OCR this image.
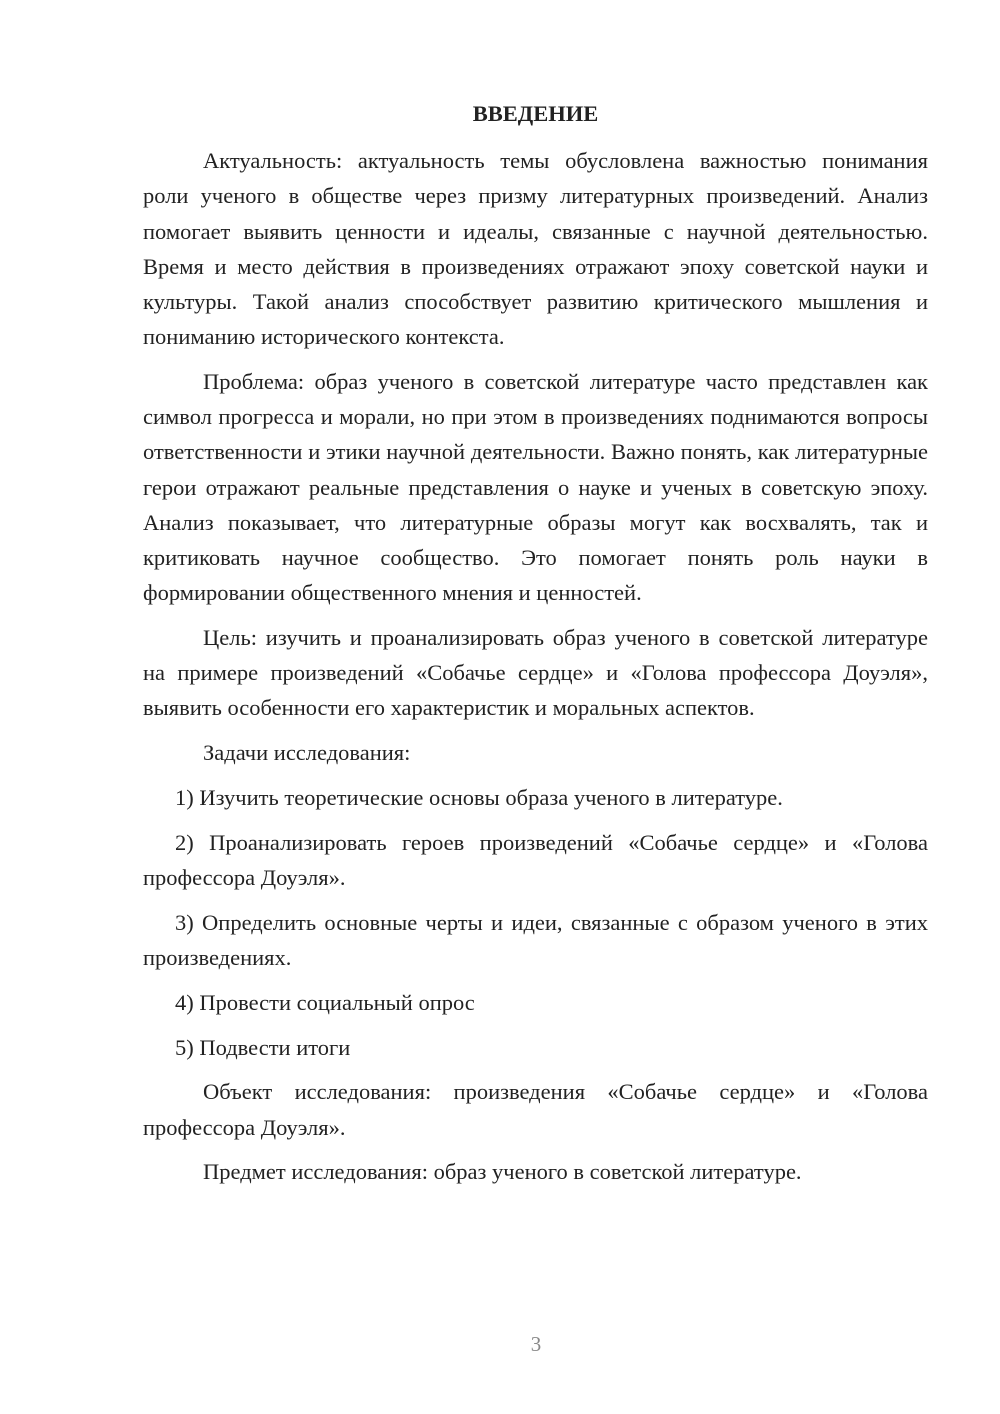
ВВЕДЕНИЕ

Актуальность: актуальность темы обусловлена важностью понимания роли ученого в обществе через призму литературных произведений. Анализ помогает выявить ценности и идеалы, связанные с научной деятельностью. Время и место действия в произведениях отражают эпоху советской науки и культуры. Такой анализ способствует развитию критического мышления и пониманию исторического контекста.

Проблема: образ ученого в советской литературе часто представлен как символ прогресса и морали, но при этом в произведениях поднимаются вопросы ответственности и этики научной деятельности. Важно понять, как литературные герои отражают реальные представления о науке и ученых в советскую эпоху. Анализ показывает, что литературные образы могут как восхвалять, так и критиковать научное сообщество. Это помогает понять роль науки в формировании общественного мнения и ценностей.

Цель: изучить и проанализировать образ ученого в советской литературе на примере произведений «Собачье сердце» и «Голова профессора Доуэля», выявить особенности его характеристик и моральных аспектов.

Задачи исследования:

1) Изучить теоретические основы образа ученого в литературе.

2) Проанализировать героев произведений «Собачье сердце» и «Голова профессора Доуэля».

3) Определить основные черты и идеи, связанные с образом ученого в этих произведениях.

4) Провести социальный опрос

5) Подвести итоги

Объект исследования: произведения «Собачье сердце» и «Голова профессора Доуэля».

Предмет исследования: образ ученого в советской литературе.

3
